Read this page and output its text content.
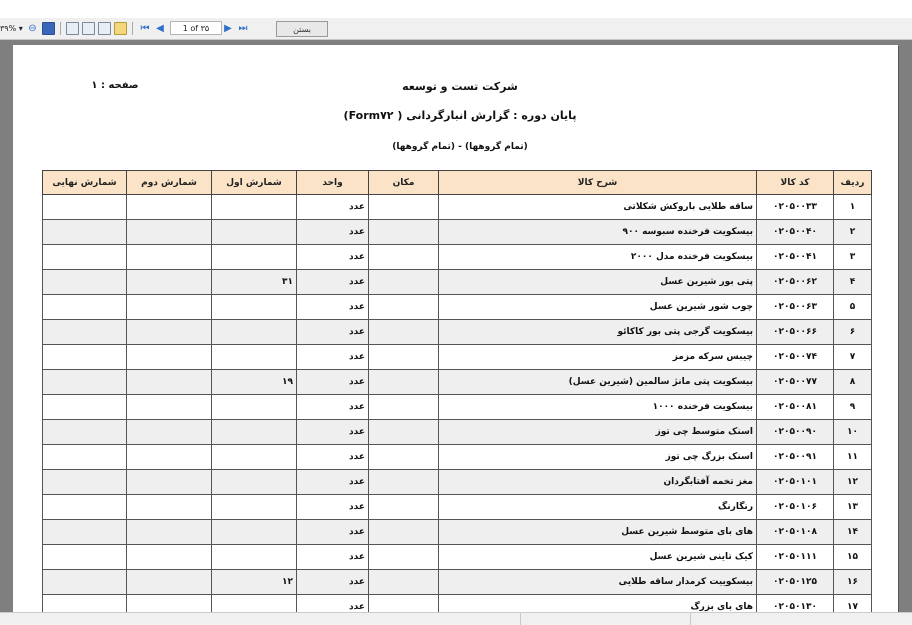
۳۹% ▾ ⊖	⏮ ◀	1 of ۳۵	▶ ⏭	بستن
شرکت تست و توسعه
پایان دوره : گزارش انبارگردانی ( Form۷۲)
(تمام گروهها) - (تمام گروهها)
صفحه : ۱
شمارش نهایی	شمارش دوم	شمارش اول	واحد	مکان	شرح کالا	کد کالا	ردیف
			عدد		ساقه طلایی باروکش شکلاتی	۰۲۰۵۰۰۳۳	۱
			عدد		بیسکویت فرخنده سبوسه ۹۰۰	۰۲۰۵۰۰۴۰	۲
			عدد		بیسکویت فرخنده مدل ۲۰۰۰	۰۲۰۵۰۰۴۱	۳
		۳۱	عدد		پتی بور شیرین عسل	۰۲۰۵۰۰۶۲	۴
			عدد		چوب شور شیرین عسل	۰۲۰۵۰۰۶۳	۵
			عدد		بیسکویت گرجی پتی بور کاکائو	۰۲۰۵۰۰۶۶	۶
			عدد		چیبس سرکه مزمز	۰۲۰۵۰۰۷۴	۷
		۱۹	عدد		بیسکویت پتی مانژ سالمین (شیرین عسل)	۰۲۰۵۰۰۷۷	۸
			عدد		بیسکویت فرخنده ۱۰۰۰	۰۲۰۵۰۰۸۱	۹
			عدد		اسنک متوسط چی توز	۰۲۰۵۰۰۹۰	۱۰
			عدد		اسنک بزرگ چی توز	۰۲۰۵۰۰۹۱	۱۱
			عدد		مغز تخمه آفتابگردان	۰۲۰۵۰۱۰۱	۱۲
			عدد		رنگارنگ	۰۲۰۵۰۱۰۶	۱۳
			عدد		های بای متوسط شیرین عسل	۰۲۰۵۰۱۰۸	۱۴
			عدد		کیک تاینی شیرین عسل	۰۲۰۵۰۱۱۱	۱۵
		۱۲	عدد		بیسکوییت کرمدار ساقه طلایی	۰۲۰۵۰۱۲۵	۱۶
			عدد		های بای بزرگ	۰۲۰۵۰۱۳۰	۱۷
